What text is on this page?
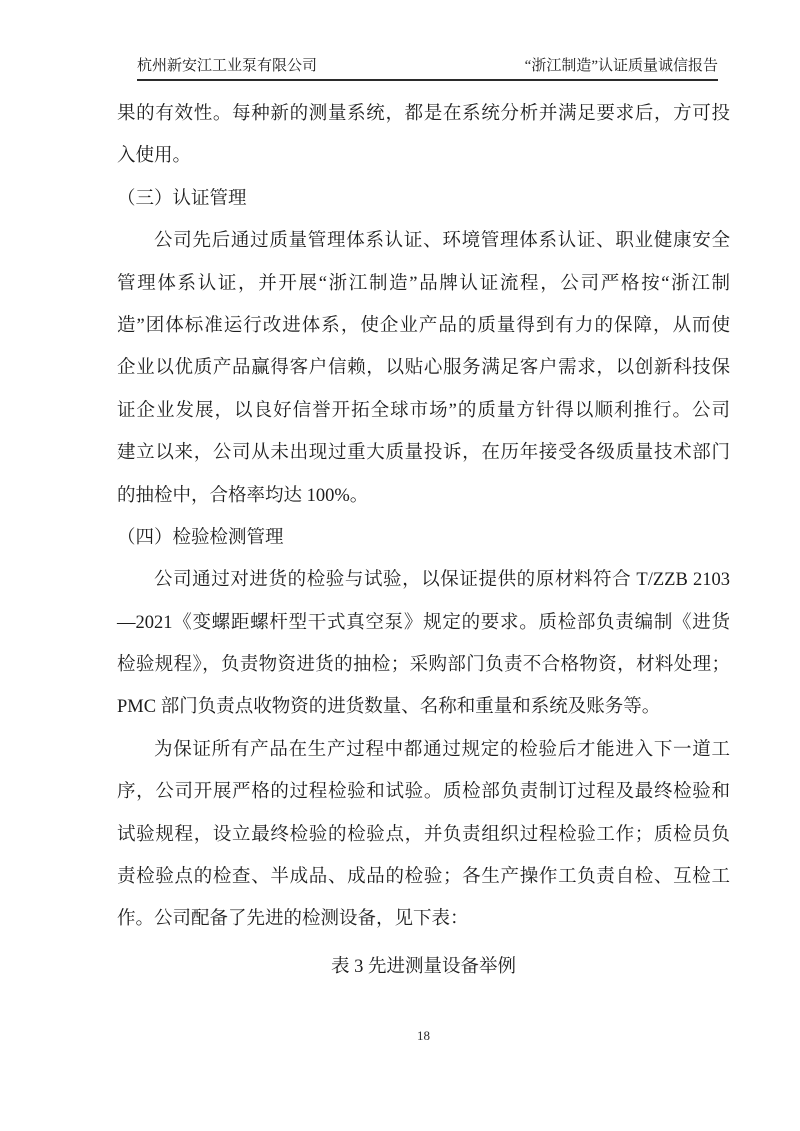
杭州新安江工业泵有限公司	“浙江制造”认证质量诚信报告
果的有效性。每种新的测量系统，都是在系统分析并满足要求后，方可投
入使用。
（三）认证管理
公司先后通过质量管理体系认证、环境管理体系认证、职业健康安全
管理体系认证，并开展“浙江制造”品牌认证流程，公司严格按“浙江制
造”团体标准运行改进体系，使企业产品的质量得到有力的保障，从而使
企业以优质产品赢得客户信赖，以贴心服务满足客户需求，以创新科技保
证企业发展，以良好信誉开拓全球市场”的质量方针得以顺利推行。公司
建立以来，公司从未出现过重大质量投诉，在历年接受各级质量技术部门
的抽检中，合格率均达 100%。
（四）检验检测管理
公司通过对进货的检验与试验，以保证提供的原材料符合 T/ZZB 2103
—2021《变螺距螺杆型干式真空泵》规定的要求。质检部负责编制《进货
检验规程》，负责物资进货的抽检；采购部门负责不合格物资，材料处理；
PMC 部门负责点收物资的进货数量、名称和重量和系统及账务等。
为保证所有产品在生产过程中都通过规定的检验后才能进入下一道工
序，公司开展严格的过程检验和试验。质检部负责制订过程及最终检验和
试验规程，设立最终检验的检验点，并负责组织过程检验工作；质检员负
责检验点的检查、半成品、成品的检验；各生产操作工负责自检、互检工
作。公司配备了先进的检测设备，见下表：
表 3 先进测量设备举例
18
